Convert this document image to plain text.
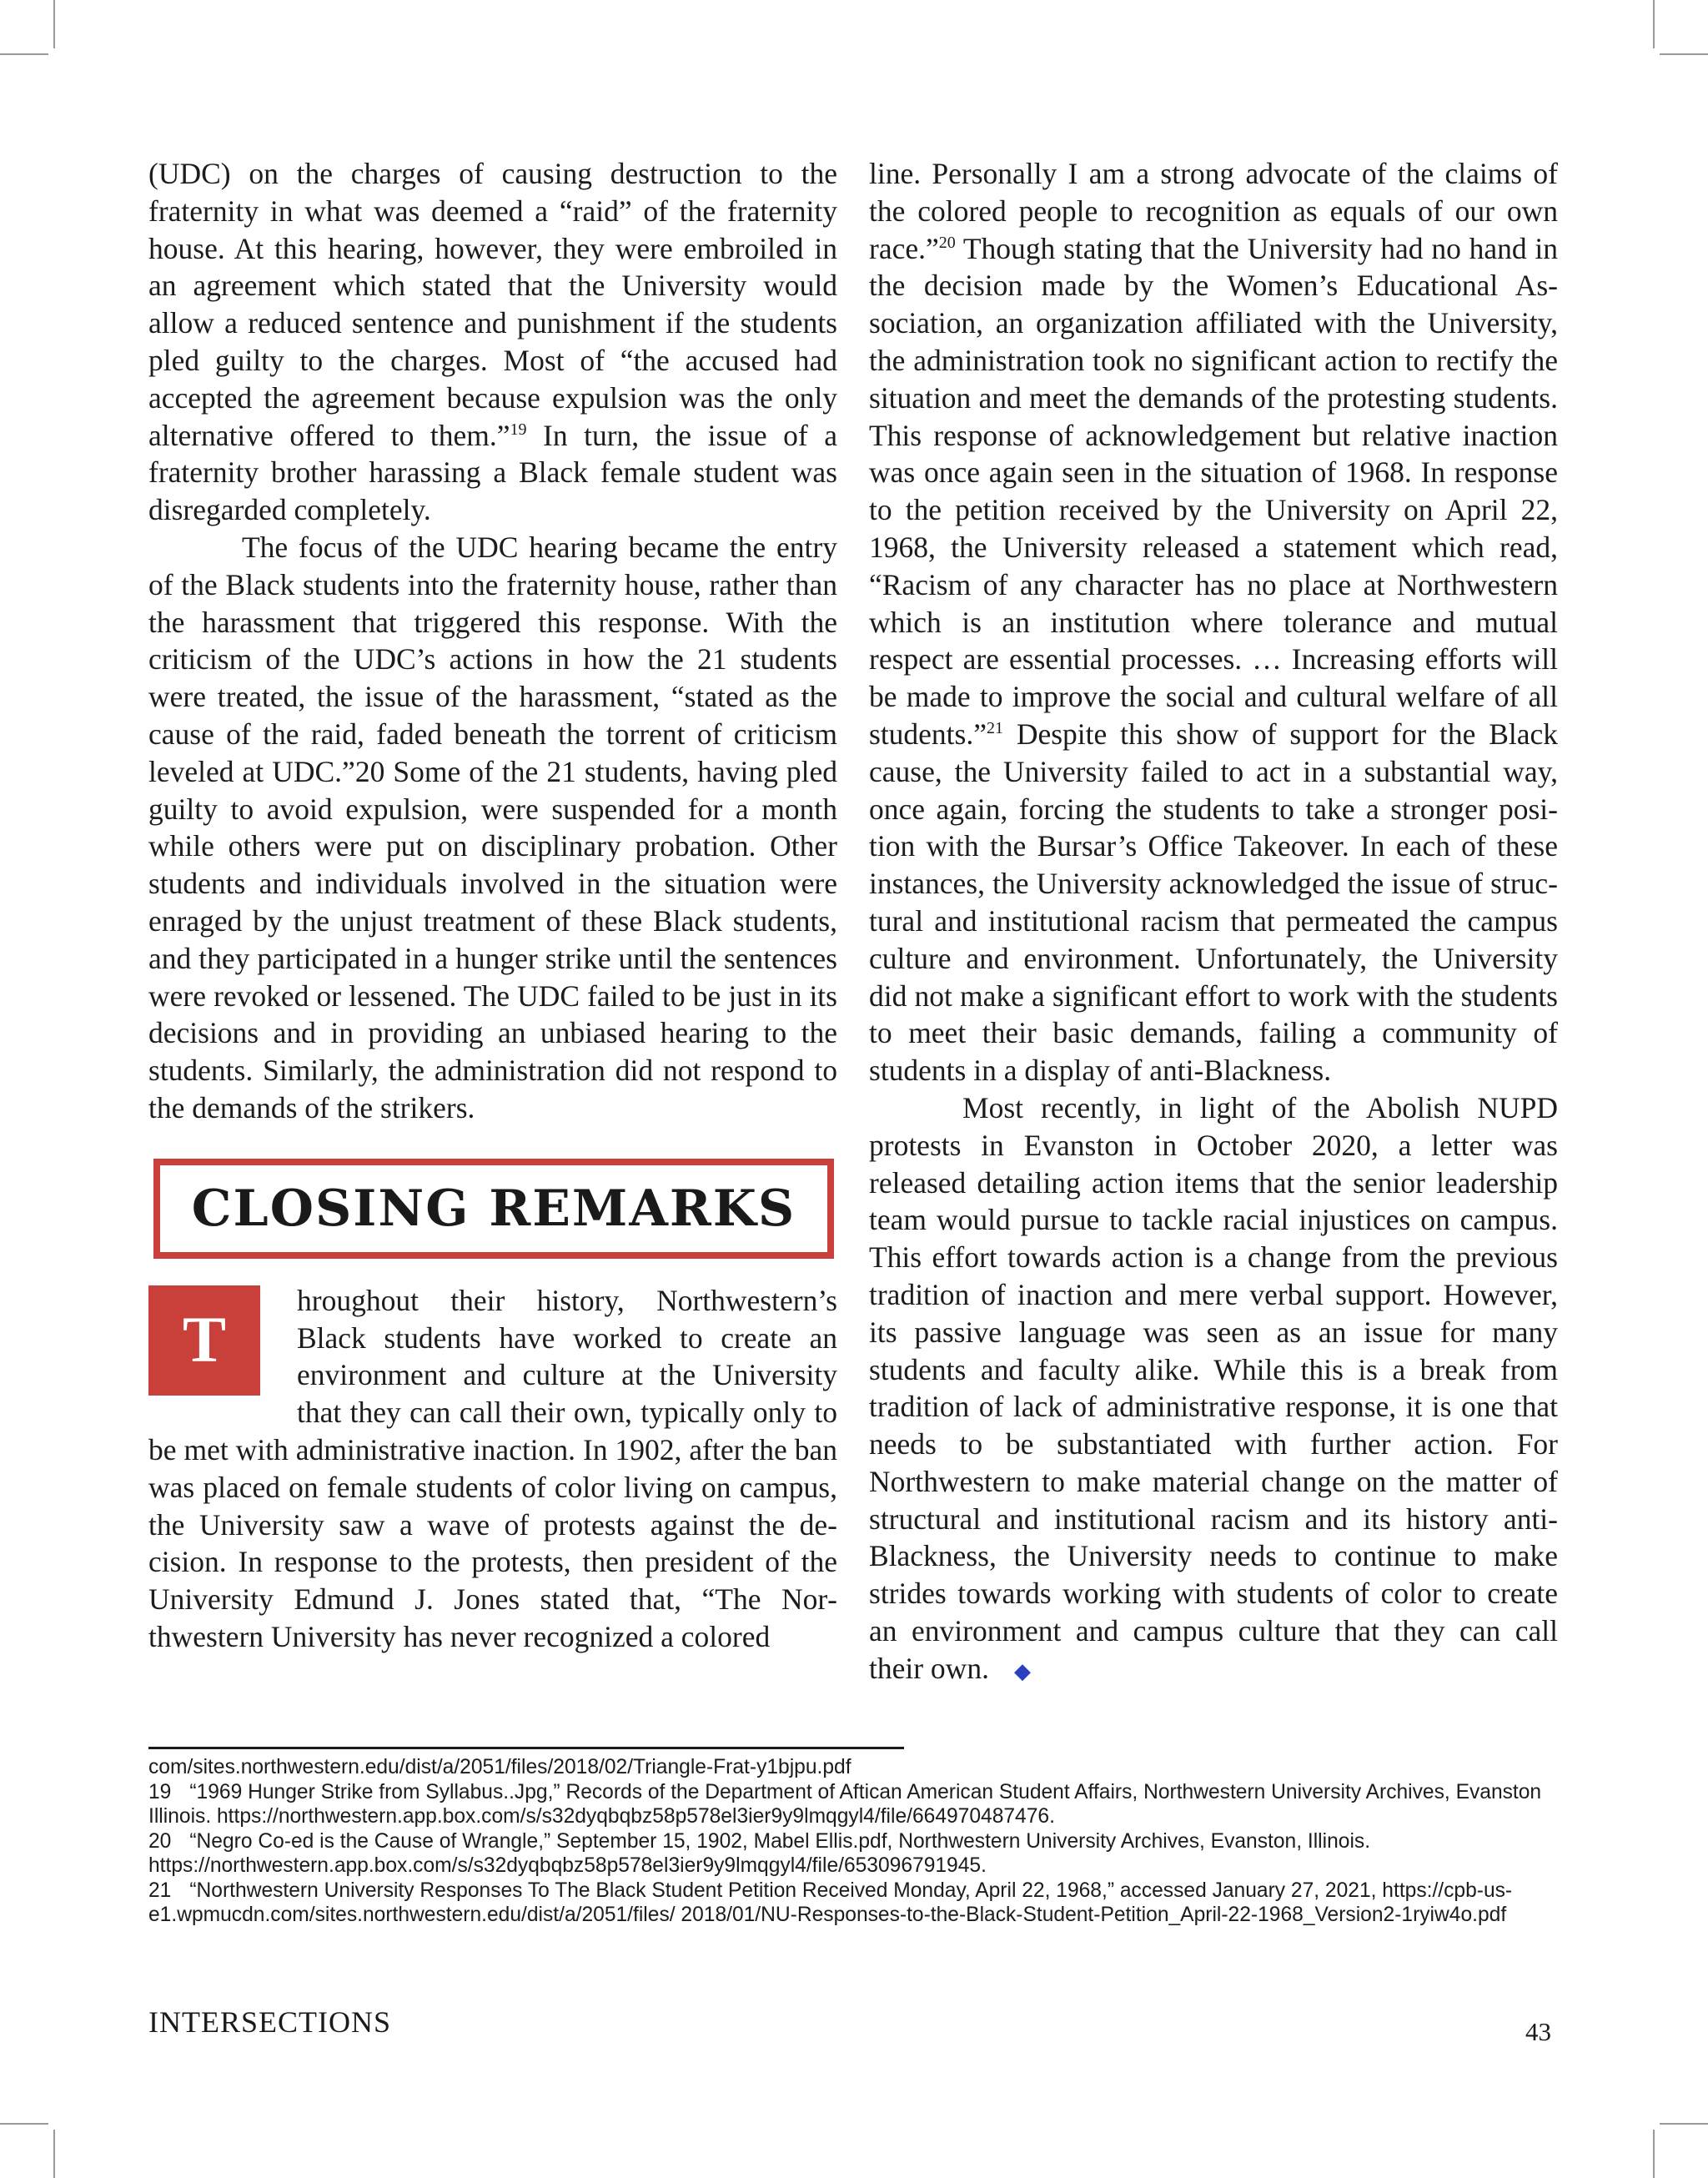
(UDC) on the charges of causing destruction to the fraternity in what was deemed a “raid” of the fraternity house. At this hearing, however, they were embroiled in an agreement which stated that the University would allow a reduced sentence and punishment if the students pled guilty to the charges. Most of “the accused had accepted the agreement because expulsion was the only alternative offered to them.”$^{19}$ In turn, the issue of a fraternity brother harassing a Black female student was disregarded completely.

The focus of the UDC hearing became the entry of the Black students into the fraternity house, rather than the harassment that triggered this response. With the criticism of the UDC’s actions in how the 21 students were treated, the issue of the harassment, “stated as the cause of the raid, faded beneath the torrent of criticism leveled at UDC.”20 Some of the 21 students, having pled guilty to avoid expulsion, were suspended for a month while others were put on disciplinary probation. Other students and individuals involved in the situation were enraged by the unjust treatment of these Black students, and they participated in a hunger strike until the sentences were revoked or lessened. The UDC failed to be just in its decisions and in providing an unbiased hearing to the students. Similarly, the administration did not respond to the demands of the strikers.

CLOSING REMARKS

T
hroughout their history, Northwestern’s Black students have worked to create an environment and culture at the University that they can call their own, typically only to be met with administrative inaction. In 1902, after the ban was placed on female students of color living on campus, the University saw a wave of protests against the decision. In response to the protests, then president of the University Edmund J. Jones stated that, “The Northwestern University has never recognized a colored

line. Personally I am a strong advocate of the claims of the colored people to recognition as equals of our own race.”$^{20}$ Though stating that the University had no hand in the decision made by the Women’s Educational Association, an organization affiliated with the University, the administration took no significant action to rectify the situation and meet the demands of the protesting students. This response of acknowledgement but relative inaction was once again seen in the situation of 1968. In response to the petition received by the University on April 22, 1968, the University released a statement which read, “Racism of any character has no place at Northwestern which is an institution where tolerance and mutual respect are essential processes. … Increasing efforts will be made to improve the social and cultural welfare of all students.”$^{21}$ Despite this show of support for the Black cause, the University failed to act in a substantial way, once again, forcing the students to take a stronger position with the Bursar’s Office Takeover. In each of these instances, the University acknowledged the issue of structural and institutional racism that permeated the campus culture and environment. Unfortunately, the University did not make a significant effort to work with the students to meet their basic demands, failing a community of students in a display of anti-Blackness.

Most recently, in light of the Abolish NUPD protests in Evanston in October 2020, a letter was released detailing action items that the senior leadership team would pursue to tackle racial injustices on campus. This effort towards action is a change from the previous tradition of inaction and mere verbal support. However, its passive language was seen as an issue for many students and faculty alike. While this is a break from tradition of lack of administrative response, it is one that needs to be substantiated with further action. For Northwestern to make material change on the matter of structural and institutional racism and its history anti-Blackness, the University needs to continue to make strides towards working with students of color to create an environment and campus culture that they can call their own. ◆

com/sites.northwestern.edu/dist/a/2051/files/2018/02/Triangle-Frat-y1bjpu.pdf

19 “1969 Hunger Strike from Syllabus..Jpg,” Records of the Department of Aftican American Student Affairs, Northwestern University Archives, Evanston Illinois. https://northwestern.app.box.com/s/s32dyqbqbz58p578el3ier9y9lmqgyl4/file/664970487476.

20 “Negro Co-ed is the Cause of Wrangle,” September 15, 1902, Mabel Ellis.pdf, Northwestern University Archives, Evanston, Illinois. https://northwestern.app.box.com/s/s32dyqbqbz58p578el3ier9y9lmqgyl4/file/653096791945.

21 “Northwestern University Responses To The Black Student Petition Received Monday, April 22, 1968,” accessed January 27, 2021, https://cpb-us-e1.wpmucdn.com/sites.northwestern.edu/dist/a/2051/files/ 2018/01/NU-Responses-to-the-Black-Student-Petition_April-22-1968_Version2-1ryiw4o.pdf

INTERSECTIONS	43
